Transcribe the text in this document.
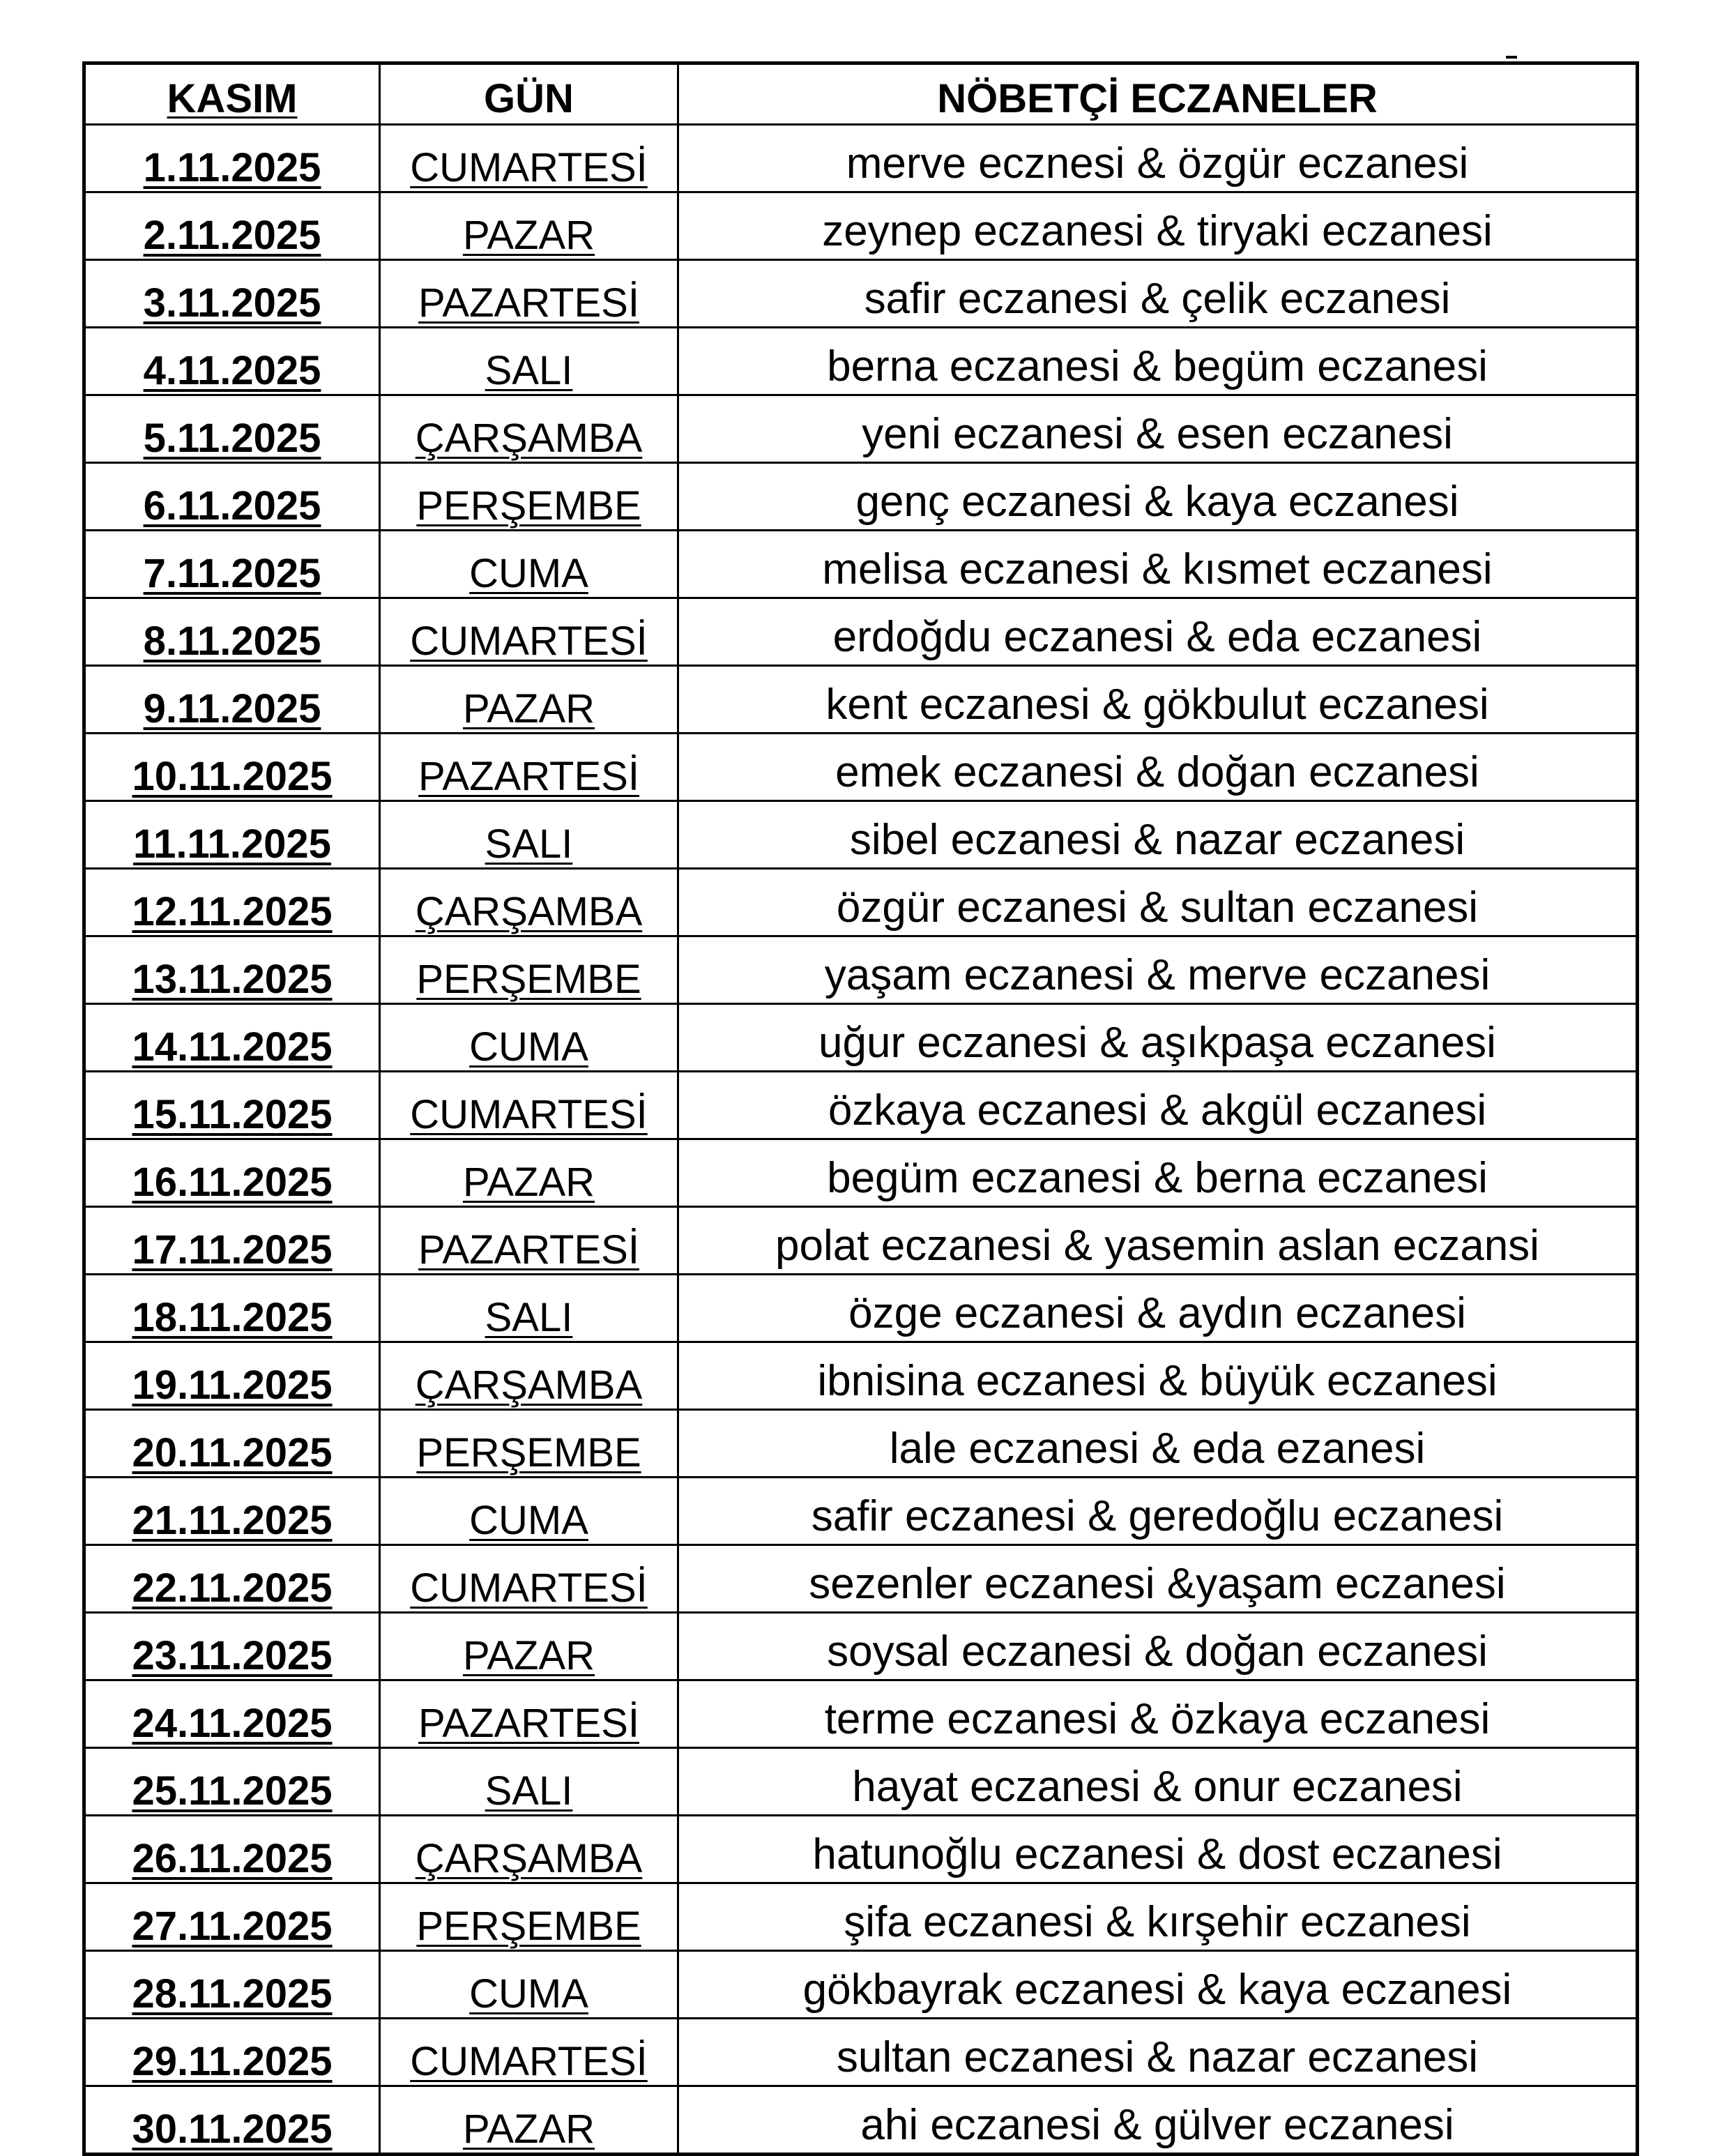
KASIM	GÜN	NÖBETÇİ ECZANELER
1.11.2025	CUMARTESİ	merve ecznesi & özgür eczanesi
2.11.2025	PAZAR	zeynep eczanesi & tiryaki eczanesi
3.11.2025	PAZARTESİ	safir eczanesi & çelik eczanesi
4.11.2025	SALI	berna eczanesi & begüm eczanesi
5.11.2025	ÇARŞAMBA	yeni eczanesi & esen eczanesi
6.11.2025	PERŞEMBE	genç eczanesi & kaya eczanesi
7.11.2025	CUMA	melisa eczanesi & kısmet eczanesi
8.11.2025	CUMARTESİ	erdoğdu eczanesi & eda eczanesi
9.11.2025	PAZAR	kent eczanesi & gökbulut eczanesi
10.11.2025	PAZARTESİ	emek eczanesi & doğan eczanesi
11.11.2025	SALI	sibel eczanesi & nazar eczanesi
12.11.2025	ÇARŞAMBA	özgür eczanesi & sultan eczanesi
13.11.2025	PERŞEMBE	yaşam eczanesi & merve eczanesi
14.11.2025	CUMA	uğur eczanesi & aşıkpaşa eczanesi
15.11.2025	CUMARTESİ	özkaya eczanesi & akgül eczanesi
16.11.2025	PAZAR	begüm eczanesi & berna eczanesi
17.11.2025	PAZARTESİ	polat eczanesi & yasemin aslan eczansi
18.11.2025	SALI	özge eczanesi & aydın eczanesi
19.11.2025	ÇARŞAMBA	ibnisina eczanesi & büyük eczanesi
20.11.2025	PERŞEMBE	lale eczanesi & eda ezanesi
21.11.2025	CUMA	safir eczanesi & geredoğlu eczanesi
22.11.2025	CUMARTESİ	sezenler eczanesi &yaşam eczanesi
23.11.2025	PAZAR	soysal eczanesi & doğan eczanesi
24.11.2025	PAZARTESİ	terme eczanesi & özkaya eczanesi
25.11.2025	SALI	hayat eczanesi & onur eczanesi
26.11.2025	ÇARŞAMBA	hatunoğlu eczanesi & dost eczanesi
27.11.2025	PERŞEMBE	şifa eczanesi & kırşehir eczanesi
28.11.2025	CUMA	gökbayrak eczanesi & kaya eczanesi
29.11.2025	CUMARTESİ	sultan eczanesi & nazar eczanesi
30.11.2025	PAZAR	ahi eczanesi & gülver eczanesi
